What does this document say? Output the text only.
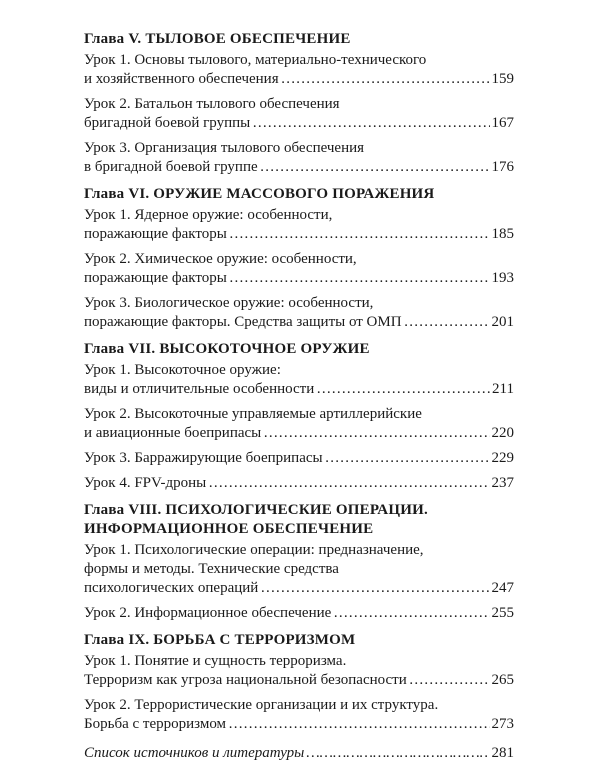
Глава V. ТЫЛОВОЕ ОБЕСПЕЧЕНИЕ
Урок 1. Основы тылового, материально-технического
и хозяйственного обеспечения …………………………………………………………………………………………………………………………	159
Урок 2. Батальон тылового обеспечения
бригадной боевой группы …………………………………………………………………………………………………………………………	167
Урок 3. Организация тылового обеспечения
в бригадной боевой группе …………………………………………………………………………………………………………………………	176
Глава VI. ОРУЖИЕ МАССОВОГО ПОРАЖЕНИЯ
Урок 1. Ядерное оружие: особенности,
поражающие факторы …………………………………………………………………………………………………………………………	185
Урок 2. Химическое оружие: особенности,
поражающие факторы …………………………………………………………………………………………………………………………	193
Урок 3. Биологическое оружие: особенности,
поражающие факторы. Средства защиты от ОМП …………………………………………………………………………………………………………………………	201
Глава VII. ВЫСОКОТОЧНОЕ ОРУЖИЕ
Урок 1. Высокоточное оружие:
виды и отличительные особенности …………………………………………………………………………………………………………………………	211
Урок 2. Высокоточные управляемые артиллерийские
и авиационные боеприпасы …………………………………………………………………………………………………………………………	220
Урок 3. Барражирующие боеприпасы …………………………………………………………………………………………………………………………	229
Урок 4. FPV-дроны …………………………………………………………………………………………………………………………	237
Глава VIII. ПСИХОЛОГИЧЕСКИЕ ОПЕРАЦИИ. ИНФОРМАЦИОННОЕ ОБЕСПЕЧЕНИЕ
Урок 1. Психологические операции: предназначение,
формы и методы. Технические средства
психологических операций …………………………………………………………………………………………………………………………	247
Урок 2. Информационное обеспечение …………………………………………………………………………………………………………………………	255
Глава IX. БОРЬБА С ТЕРРОРИЗМОМ
Урок 1. Понятие и сущность терроризма.
Терроризм как угроза национальной безопасности …………………………………………………………………………………………………………………………	265
Урок 2. Террористические организации и их структура.
Борьба с терроризмом …………………………………………………………………………………………………………………………	273
Список источников и литературы …………………………………………………………………………………………………………………………	281
